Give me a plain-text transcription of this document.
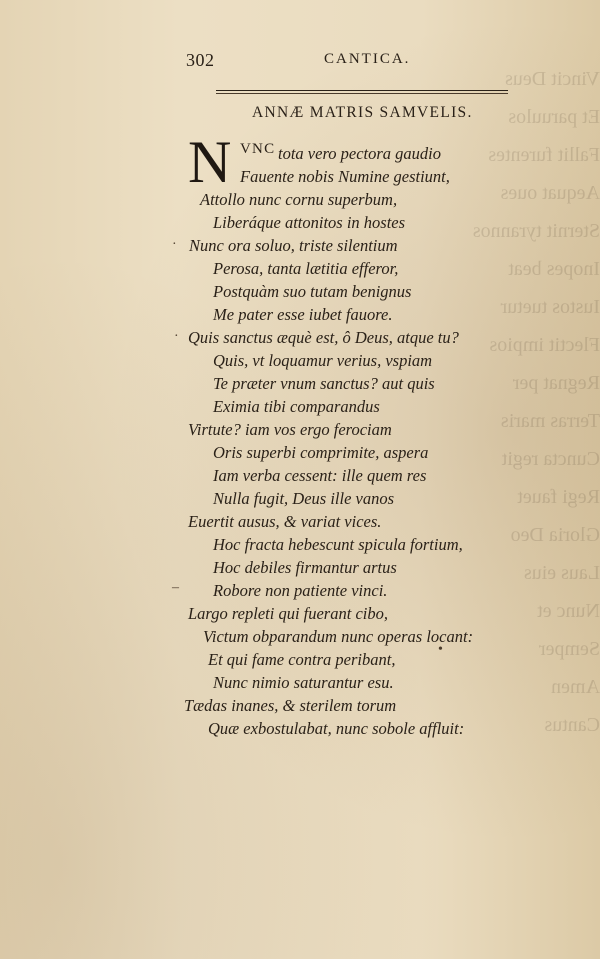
Vincit Deus
Et paruulos
Fallit furentes
Aequat oues
Sternit tyrannos
Inopes beat
Iustos tuetur
Flectit impios
Regnat per
Terras maris
Cuncta regit
Regi fauet
Gloria Deo
Laus eius
Nunc et
Semper
Amen
Cantus
302	CANTICA.
ANNÆ MATRIS SAMVELIS.
N VNC tota vero pectora gaudio
Fauente nobis Numine gestiunt,
Attollo nunc cornu superbum,
Liberáque attonitos in hostes
Nunc ora soluo, triste silentium
Perosa, tanta lætitia efferor,
Postquàm suo tutam benignus
Me pater esse iubet fauore.
Quis sanctus æquè est, ô Deus, atque tu?
Quis, vt loquamur verius, vspiam
Te præter vnum sanctus? aut quis
Eximia tibi comparandus
Virtute? iam vos ergo ferociam
Oris superbi comprimite, aspera
Iam verba cessent: ille quem res
Nulla fugit, Deus ille vanos
Euertit ausus, & variat vices.
Hoc fracta hebescunt spicula fortium,
Hoc debiles firmantur artus
Robore non patiente vinci.
Largo repleti qui fuerant cibo,
Victum obparandum nunc operas locant:
Et qui fame contra peribant,
Nunc nimio saturantur esu.
Tædas inanes, & sterilem torum
Quæ exbostulabat, nunc sobole affluit:
·
·
–
•
